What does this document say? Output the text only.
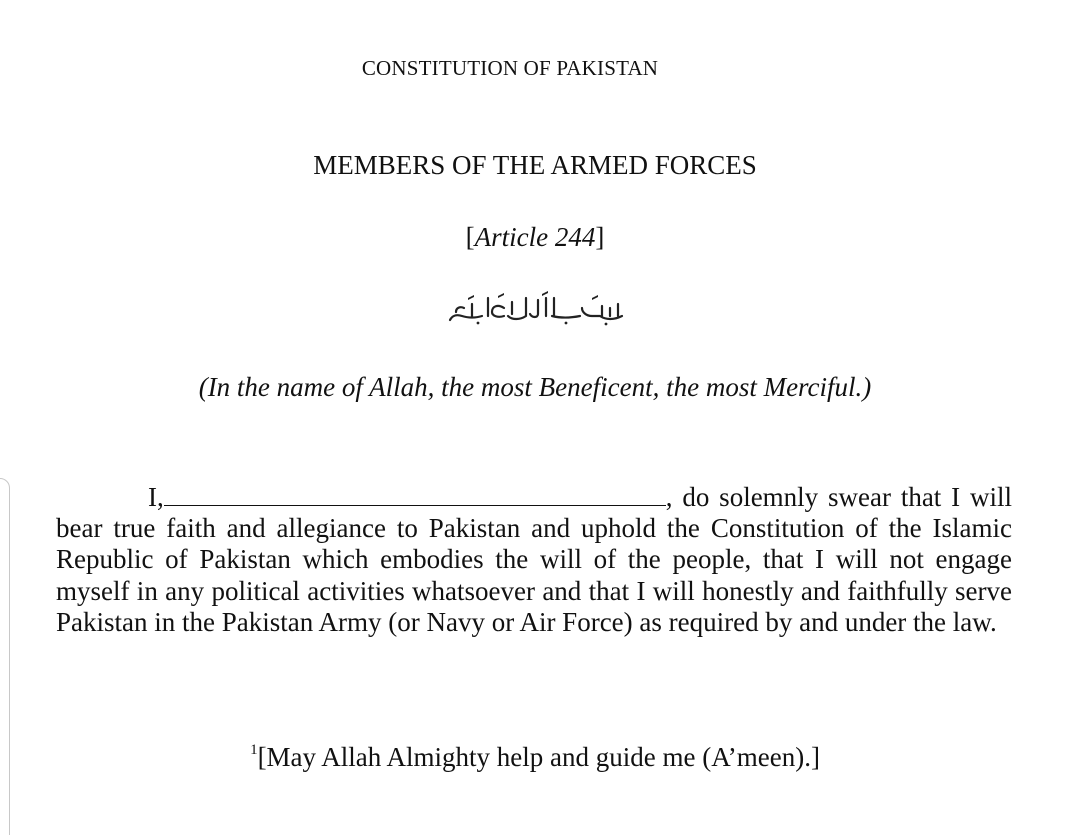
CONSTITUTION OF PAKISTAN
MEMBERS OF THE ARMED FORCES
[Article 244]
(In the name of Allah, the most Beneficent, the most Merciful.)

I,	, do solemnly swear that I will bear true faith and allegiance to Pakistan and uphold the Constitution of the Islamic Republic of Pakistan which embodies the will of the people, that I will not engage myself in any political activities whatsoever and that I will honestly and faithfully serve Pakistan in the Pakistan Army (or Navy or Air Force) as required by and under the law.

$^1$[May Allah Almighty help and guide me (A’meen).]
